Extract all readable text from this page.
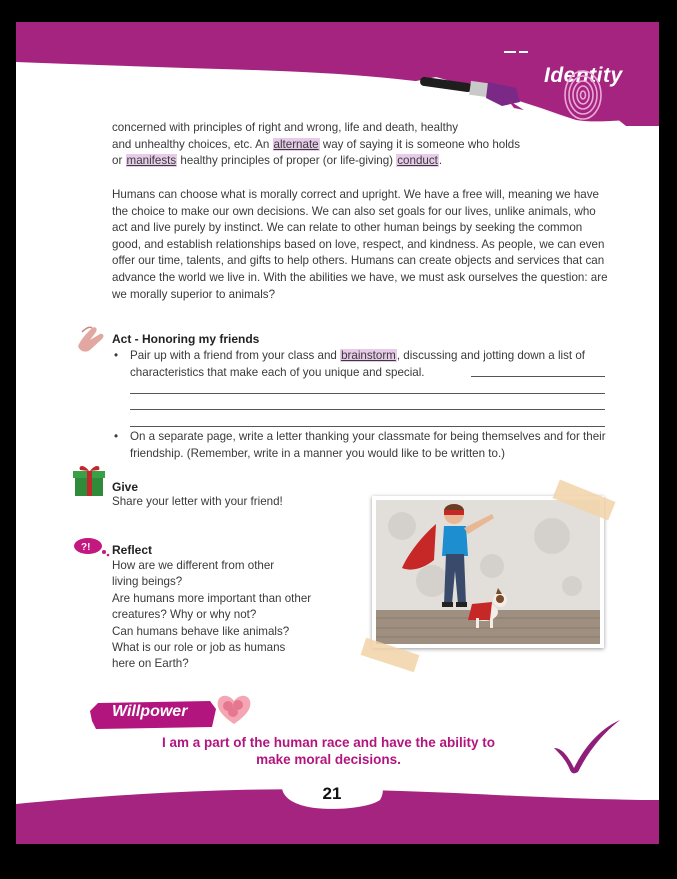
Identity
concerned with principles of right and wrong, life and death, healthy
and unhealthy choices, etc. An alternate way of saying it is someone who holds
or manifests healthy principles of proper (or life-giving) conduct.
Humans can choose what is morally correct and upright. We have a free will, meaning we have the choice to make our own decisions. We can also set goals for our lives, unlike animals, who act and live purely by instinct. We can relate to other human beings by seeking the common good, and establish relationships based on love, respect, and kindness. As people, we can even offer our time, talents, and gifts to help others. Humans can create objects and services that can advance the world we live in. With the abilities we have, we must ask ourselves the question: are we morally superior to animals?
Act - Honoring my friends
• Pair up with a friend from your class and brainstorm, discussing and jotting down a list of characteristics that make each of you unique and special.
• On a separate page, write a letter thanking your classmate for being themselves and for their friendship. (Remember, write in a manner you would like to be written to.)
Give
Share your letter with your friend!
?! Reflect
How are we different from other
living beings?
Are humans more important than other
creatures? Why or why not?
Can humans behave like animals?
What is our role or job as humans
here on Earth?
Willpower
I am a part of the human race and have the ability to
make moral decisions.
21
